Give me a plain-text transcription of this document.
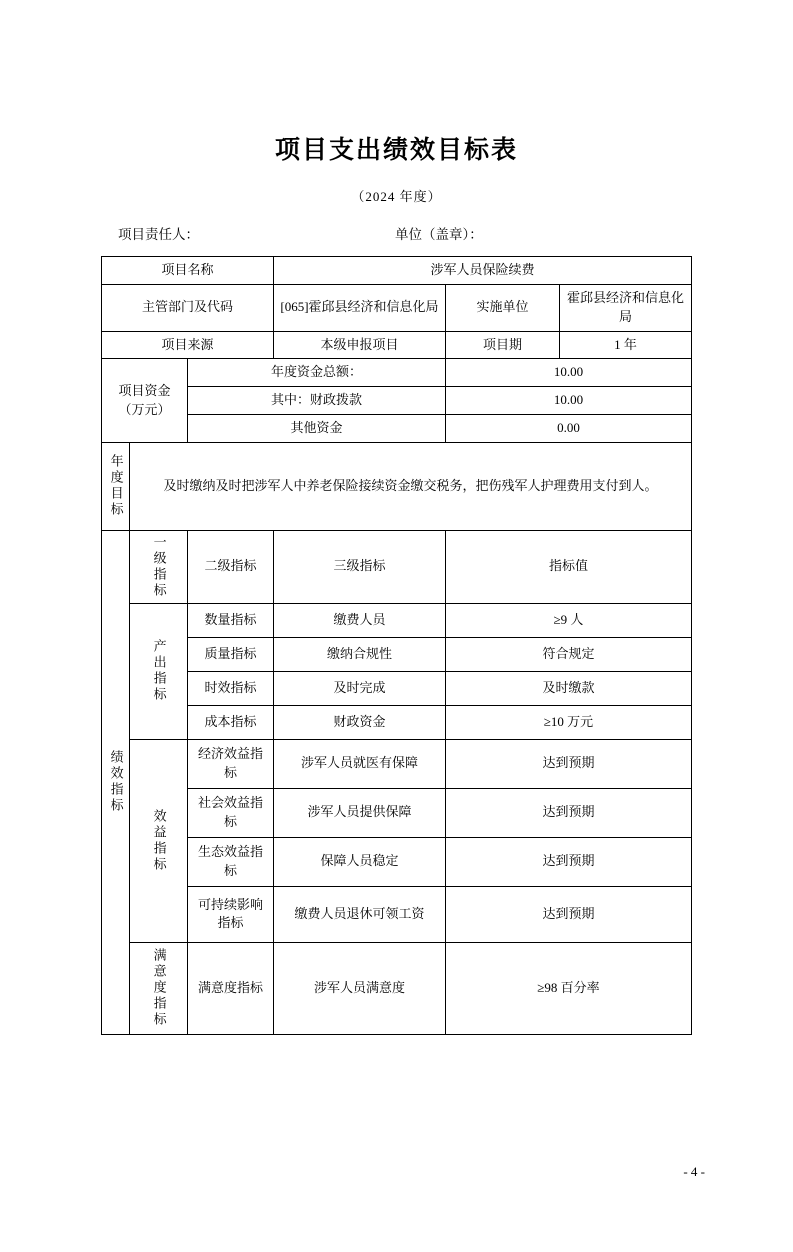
项目支出绩效目标表
（2024 年度）
项目责任人：	单位（盖章）：
项目名称			涉军人员保险续费		
主管部门及代码			[065]霍邱县经济和信息化局	实施单位	霍邱县经济和信息化局
项目来源			本级申报项目	项目期	1 年

项目资金
（万元）		年度资金总额：		10.00	
		其中：财政拨款		10.00	
		其他资金		0.00	

年度目标	及时缴纳及时把涉军人中养老保险接续资金缴交税务，把伤残军人护理费用支付到人。				

绩效指标	一级指标	二级指标	三级指标	指标值	

	产出指标	数量指标	缴费人员	≥9 人	
		质量指标	缴纳合规性	符合规定	
		时效指标	及时完成	及时缴款	
		成本指标	财政资金	≥10 万元	

	效益指标	经济效益指标	涉军人员就医有保障	达到预期	
		社会效益指标	涉军人员提供保障	达到预期	
		生态效益指标	保障人员稳定	达到预期	
		可持续影响指标	缴费人员退休可领工资	达到预期	

	满意度指标	满意度指标	涉军人员满意度	≥98 百分率	
- 4 -
